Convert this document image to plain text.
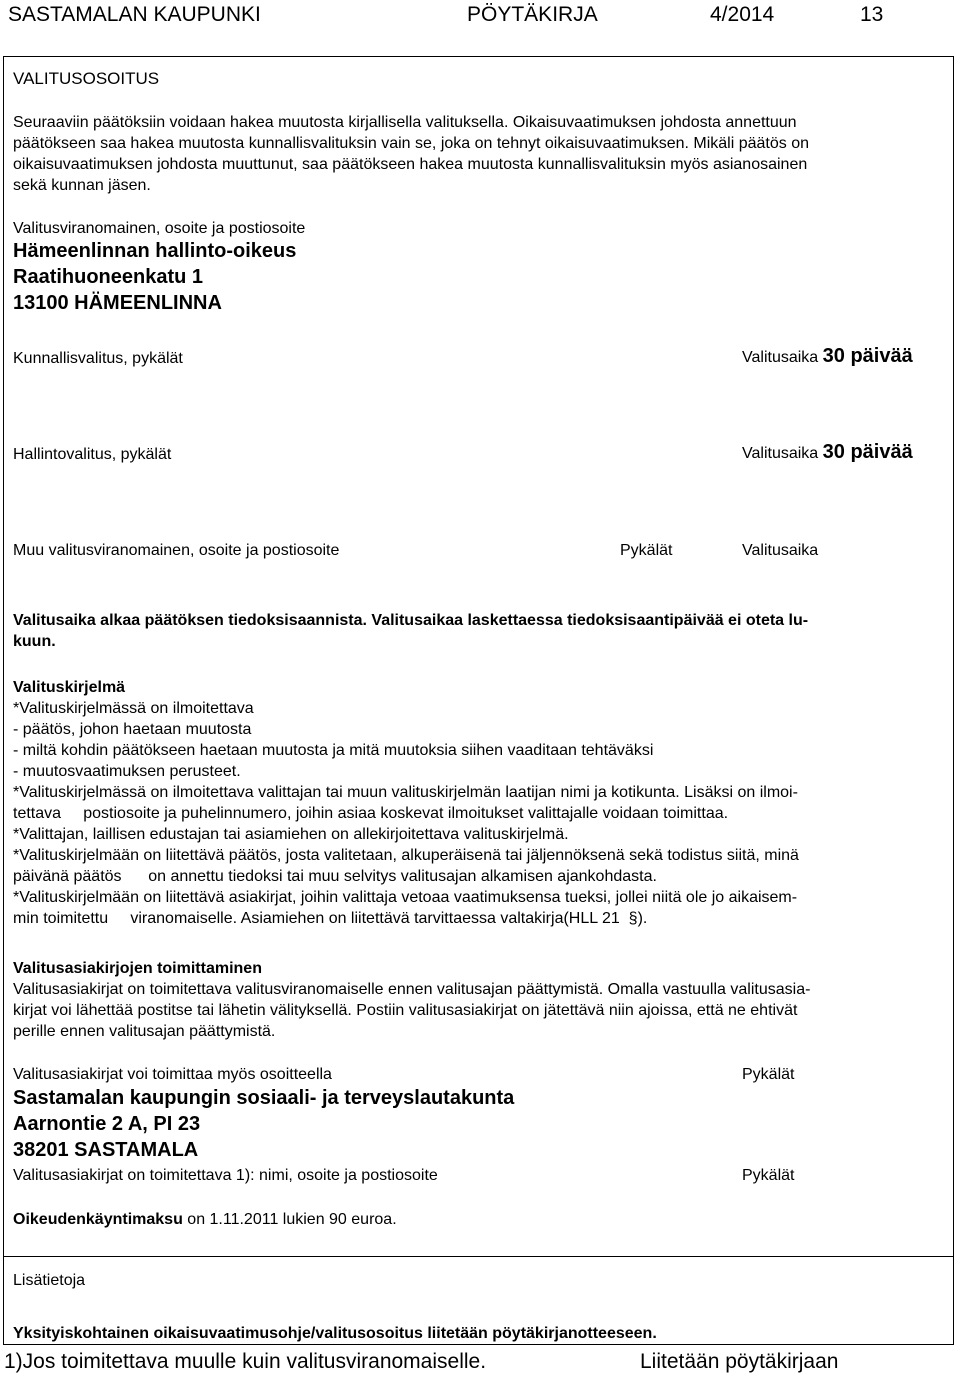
SASTAMALAN KAUPUNKI	PÖYTÄKIRJA	4/2014	13
VALITUSOSOITUS
Seuraaviin päätöksiin voidaan hakea muutosta kirjallisella valituksella. Oikaisuvaatimuksen johdosta annettuun
päätökseen saa hakea muutosta kunnallisvalituksin vain se, joka on tehnyt oikaisuvaatimuksen. Mikäli päätös on
oikaisuvaatimuksen johdosta muuttunut, saa päätökseen hakea muutosta kunnallisvalituksin myös asianosainen
sekä kunnan jäsen.
Valitusviranomainen, osoite ja postiosoite
Hämeenlinnan hallinto-oikeus
Raatihuoneenkatu 1
13100 HÄMEENLINNA
Kunnallisvalitus, pykälät	Valitusaika 30 päivää
Hallintovalitus, pykälät	Valitusaika 30 päivää
Muu valitusviranomainen, osoite ja postiosoite	Pykälät	Valitusaika
Valitusaika alkaa päätöksen tiedoksisaannista. Valitusaikaa laskettaessa tiedoksisaantipäivää ei oteta lu-
kuun.
Valituskirjelmä
*Valituskirjelmässä on ilmoitettava
- päätös, johon haetaan muutosta
- miltä kohdin päätökseen haetaan muutosta ja mitä muutoksia siihen vaaditaan tehtäväksi
- muutosvaatimuksen perusteet.
*Valituskirjelmässä on ilmoitettava valittajan tai muun valituskirjelmän laatijan nimi ja kotikunta. Lisäksi on ilmoi-
tettava     postiosoite ja puhelinnumero, joihin asiaa koskevat ilmoitukset valittajalle voidaan toimittaa.
*Valittajan, laillisen edustajan tai asiamiehen on allekirjoitettava valituskirjelmä.
*Valituskirjelmään on liitettävä päätös, josta valitetaan, alkuperäisenä tai jäljennöksenä sekä todistus siitä, minä
päivänä päätös      on annettu tiedoksi tai muu selvitys valitusajan alkamisen ajankohdasta.
*Valituskirjelmään on liitettävä asiakirjat, joihin valittaja vetoaa vaatimuksensa tueksi, jollei niitä ole jo aikaisem-
min toimitettu     viranomaiselle. Asiamiehen on liitettävä tarvittaessa valtakirja(HLL 21  §).
Valitusasiakirjojen toimittaminen
Valitusasiakirjat on toimitettava valitusviranomaiselle ennen valitusajan päättymistä. Omalla vastuulla valitusasia-
kirjat voi lähettää postitse tai lähetin välityksellä. Postiin valitusasiakirjat on jätettävä niin ajoissa, että ne ehtivät
perille ennen valitusajan päättymistä.
Valitusasiakirjat voi toimittaa myös osoitteella	Pykälät
Sastamalan kaupungin sosiaali- ja terveyslautakunta
Aarnontie 2 A, PI 23
38201 SASTAMALA
Valitusasiakirjat on toimitettava 1): nimi, osoite ja postiosoite	Pykälät
Oikeudenkäyntimaksu on 1.11.2011 lukien 90 euroa.
Lisätietoja
Yksityiskohtainen oikaisuvaatimusohje/valitusosoitus liitetään pöytäkirjanotteeseen.
1)Jos toimitettava muulle kuin valitusviranomaiselle.	Liitetään pöytäkirjaan
